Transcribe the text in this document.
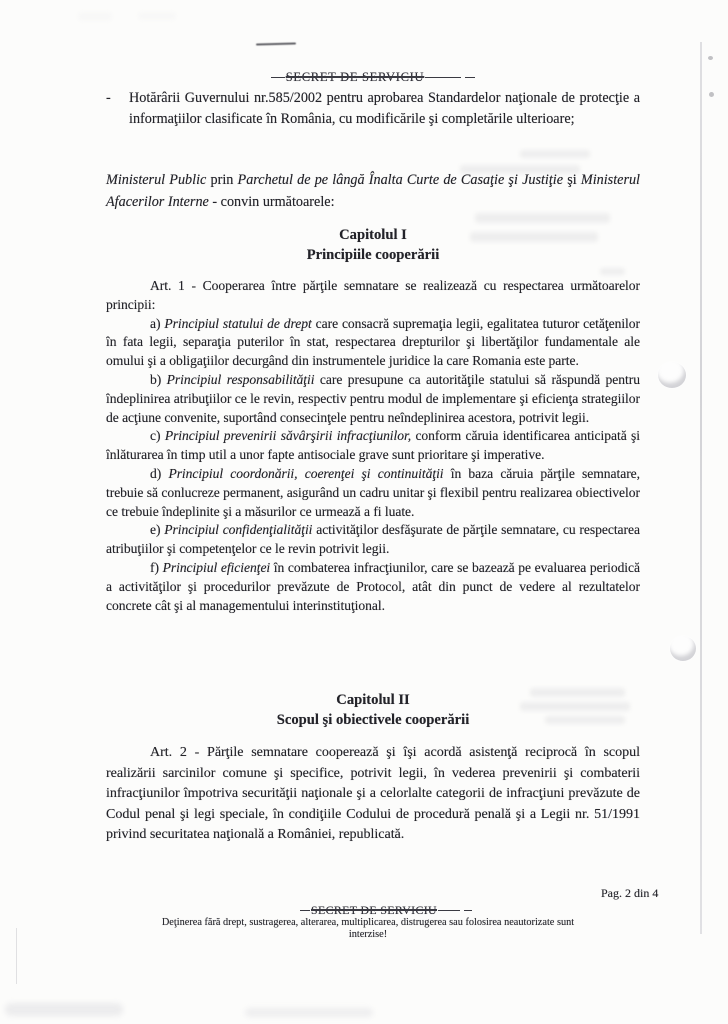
SECRET DE SERVICIU
-	Hotărârii Guvernului nr.585/2002 pentru aprobarea Standardelor naţionale de protecţie a informaţiilor clasificate în România, cu modificările şi completările ulterioare;

Ministerul Public prin Parchetul de pe lângă Înalta Curte de Casaţie şi Justiţie şi Ministerul Afacerilor Interne - convin următoarele:

Capitolul I
Principiile cooperării

Art. 1 - Cooperarea între părţile semnatare se realizează cu respectarea următoarelor principii:

a) Principiul statului de drept care consacră supremaţia legii, egalitatea tuturor cetăţenilor în fata legii, separaţia puterilor în stat, respectarea drepturilor şi libertăţilor fundamentale ale omului şi a obligaţiilor decurgând din instrumentele juridice la care Romania este parte.

b) Principiul responsabilităţii care presupune ca autorităţile statului să răspundă pentru îndeplinirea atribuţiilor ce le revin, respectiv pentru modul de implementare şi eficienţa strategiilor de acţiune convenite, suportând consecinţele pentru neîndeplinirea acestora, potrivit legii.

c) Principiul prevenirii săvârşirii infracţiunilor, conform căruia identificarea anticipată şi înlăturarea în timp util a unor fapte antisociale grave sunt prioritare şi imperative.

d) Principiul coordonării, coerenţei şi continuităţii în baza căruia părţile semnatare, trebuie să conlucreze permanent, asigurând un cadru unitar şi flexibil pentru realizarea obiectivelor ce trebuie îndeplinite şi a măsurilor ce urmează a fi luate.

e) Principiul confidenţialităţii activităţilor desfăşurate de părţile semnatare, cu respectarea atribuţiilor şi competenţelor ce le revin potrivit legii.

f) Principiul eficienţei în combaterea infracţiunilor, care se bazează pe evaluarea periodică a activităţilor şi procedurilor prevăzute de Protocol, atât din punct de vedere al rezultatelor concrete cât şi al managementului interinstituţional.

Capitolul II
Scopul şi obiectivele cooperării

Art. 2 - Părţile semnatare cooperează şi îşi acordă asistenţă reciprocă în scopul realizării sarcinilor comune şi specifice, potrivit legii, în vederea prevenirii şi combaterii infracţiunilor împotriva securităţii naţionale şi a celorlalte categorii de infracţiuni prevăzute de Codul penal şi legi speciale, în condiţiile Codului de procedură penală şi a Legii nr. 51/1991 privind securitatea naţională a României, republicată.

Pag. 2 din 4
SECRET DE SERVICIU
Deţinerea fără drept, sustragerea, alterarea, multiplicarea, distrugerea sau folosirea neautorizate sunt interzise!
